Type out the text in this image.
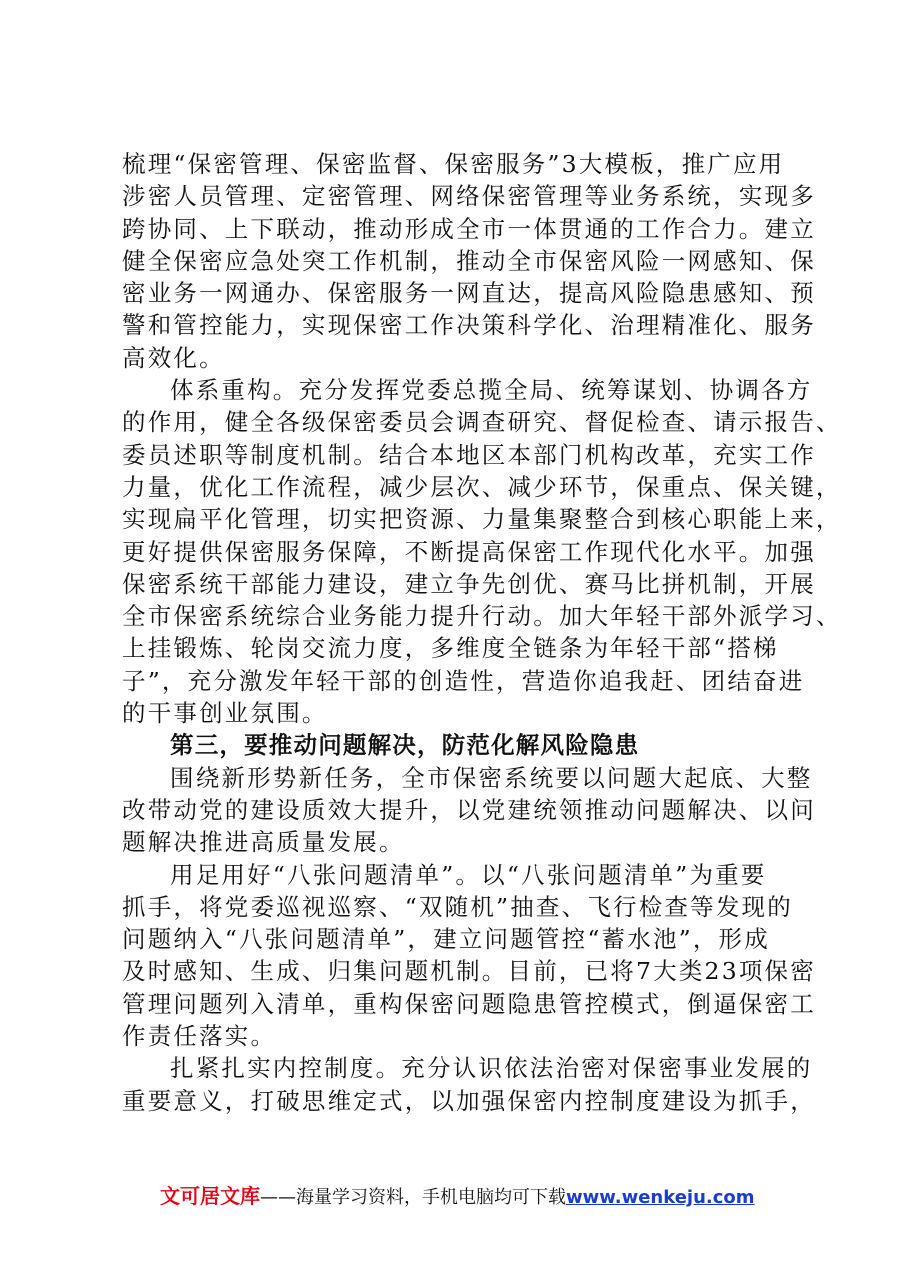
梳理“保密管理、保密监督、保密服务”3大模板，推广应用
涉密人员管理、定密管理、网络保密管理等业务系统，实现多
跨协同、上下联动，推动形成全市一体贯通的工作合力。建立
健全保密应急处突工作机制，推动全市保密风险一网感知、保
密业务一网通办、保密服务一网直达，提高风险隐患感知、预
警和管控能力，实现保密工作决策科学化、治理精准化、服务
高效化。
体系重构。充分发挥党委总揽全局、统筹谋划、协调各方
的作用，健全各级保密委员会调查研究、督促检查、请示报告、
委员述职等制度机制。结合本地区本部门机构改革，充实工作
力量，优化工作流程，减少层次、减少环节，保重点、保关键，
实现扁平化管理，切实把资源、力量集聚整合到核心职能上来，
更好提供保密服务保障，不断提高保密工作现代化水平。加强
保密系统干部能力建设，建立争先创优、赛马比拼机制，开展
全市保密系统综合业务能力提升行动。加大年轻干部外派学习、
上挂锻炼、轮岗交流力度，多维度全链条为年轻干部“搭梯
子”，充分激发年轻干部的创造性，营造你追我赶、团结奋进
的干事创业氛围。
第三，要推动问题解决，防范化解风险隐患
围绕新形势新任务，全市保密系统要以问题大起底、大整
改带动党的建设质效大提升，以党建统领推动问题解决、以问
题解决推进高质量发展。
用足用好“八张问题清单”。以“八张问题清单”为重要
抓手，将党委巡视巡察、“双随机”抽查、飞行检查等发现的
问题纳入“八张问题清单”，建立问题管控“蓄水池”，形成
及时感知、生成、归集问题机制。目前，已将7大类23项保密
管理问题列入清单，重构保密问题隐患管控模式，倒逼保密工
作责任落实。
扎紧扎实内控制度。充分认识依法治密对保密事业发展的
重要意义，打破思维定式，以加强保密内控制度建设为抓手，
文可居文库——海量学习资料，手机电脑均可下载www.wenkeju.com
